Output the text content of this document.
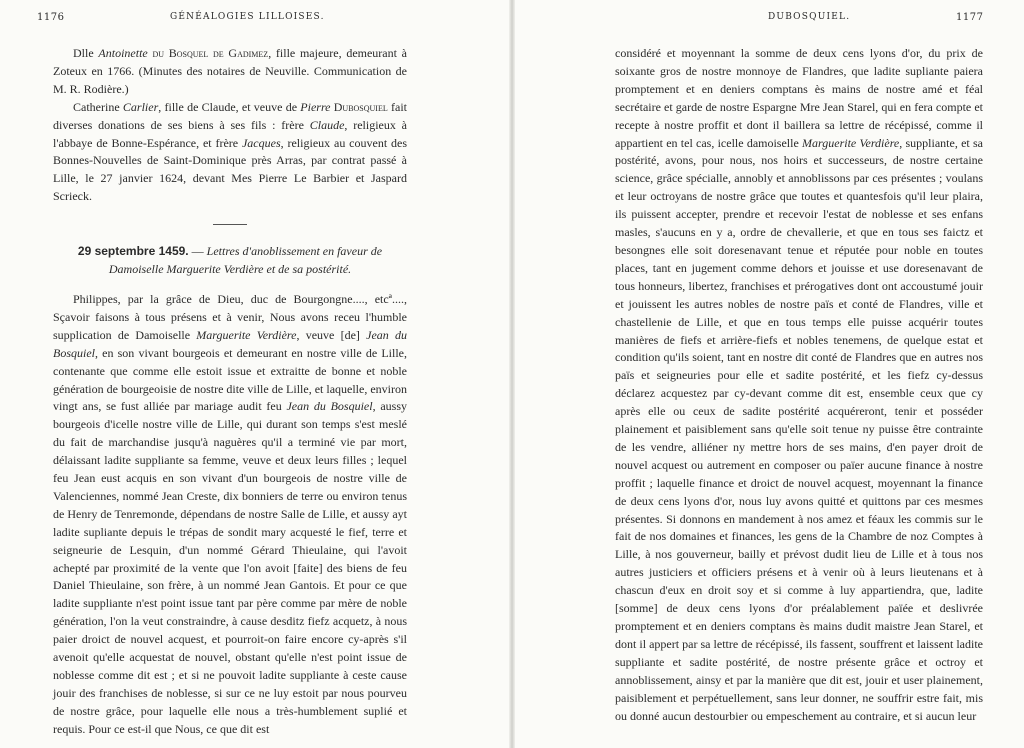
1176	GÉNÉALOGIES LILLOISES.

Dlle Antoinette du Bosquel de Gadimez, fille majeure, demeurant à Zoteux en 1766. (Minutes des notaires de Neuville. Communication de M. R. Rodière.)

Catherine Carlier, fille de Claude, et veuve de Pierre Dubosquiel fait diverses donations de ses biens à ses fils : frère Claude, religieux à l'abbaye de Bonne-Espérance, et frère Jacques, religieux au couvent des Bonnes-Nouvelles de Saint-Dominique près Arras, par contrat passé à Lille, le 27 janvier 1624, devant Mes Pierre Le Barbier et Jaspard Scrieck.

29 septembre 1459. — Lettres d'anoblissement en faveur de Damoiselle Marguerite Verdière et de sa postérité.

Philippes, par la grâce de Dieu, duc de Bourgongne...., etcª...., Sçavoir faisons à tous présens et à venir, Nous avons receu l'humble supplication de Damoiselle Marguerite Verdière, veuve [de] Jean du Bosquiel, en son vivant bourgeois et demeurant en nostre ville de Lille, contenante que comme elle estoit issue et extraitte de bonne et noble génération de bourgeoisie de nostre dite ville de Lille, et laquelle, environ vingt ans, se fust alliée par mariage audit feu Jean du Bosquiel, aussy bourgeois d'icelle nostre ville de Lille, qui durant son temps s'est meslé du fait de marchandise jusqu'à naguères qu'il a terminé vie par mort, délaissant ladite suppliante sa femme, veuve et deux leurs filles ; lequel feu Jean eust acquis en son vivant d'un bourgeois de nostre ville de Valenciennes, nommé Jean Creste, dix bonniers de terre ou environ tenus de Henry de Tenremonde, dépendans de nostre Salle de Lille, et aussy ayt ladite supliante depuis le trépas de sondit mary acquesté le fief, terre et seigneurie de Lesquin, d'un nommé Gérard Thieulaine, qui l'avoit achepté par proximité de la vente que l'on avoit [faite] des biens de feu Daniel Thieulaine, son frère, à un nommé Jean Gantois. Et pour ce que ladite suppliante n'est point issue tant par père comme par mère de noble génération, l'on la veut constraindre, à cause desditz fiefz acquetz, à nous paier droict de nouvel acquest, et pourroit-on faire encore cy-après s'il avenoit qu'elle acquestat de nouvel, obstant qu'elle n'est point issue de noblesse comme dit est ; et si ne pouvoit ladite suppliante à ceste cause jouir des franchises de noblesse, si sur ce ne luy estoit par nous pourveu de nostre grâce, pour laquelle elle nous a très-humblement suplié et requis. Pour ce est-il que Nous, ce que dit est

DUBOSQUIEL.	1177

considéré et moyennant la somme de deux cens lyons d'or, du prix de soixante gros de nostre monnoye de Flandres, que ladite supliante paiera promptement et en deniers comptans ès mains de nostre amé et féal secrétaire et garde de nostre Espargne Mre Jean Starel, qui en fera compte et recepte à nostre proffit et dont il baillera sa lettre de récépissé, comme il appartient en tel cas, icelle damoiselle Marguerite Verdière, suppliante, et sa postérité, avons, pour nous, nos hoirs et successeurs, de nostre certaine science, grâce spécialle, annobly et annoblissons par ces présentes ; voulans et leur octroyans de nostre grâce que toutes et quantesfois qu'il leur plaira, ils puissent accepter, prendre et recevoir l'estat de noblesse et ses enfans masles, s'aucuns en y a, ordre de chevallerie, et que en tous ses faictz et besongnes elle soit doresenavant tenue et réputée pour noble en toutes places, tant en jugement comme dehors et jouisse et use doresenavant de tous honneurs, libertez, franchises et prérogatives dont ont accoustumé jouir et jouissent les autres nobles de nostre païs et conté de Flandres, ville et chastellenie de Lille, et que en tous temps elle puisse acquérir toutes manières de fiefs et arrière-fiefs et nobles tenemens, de quelque estat et condition qu'ils soient, tant en nostre dit conté de Flandres que en autres nos païs et seigneuries pour elle et sadite postérité, et les fiefz cy-dessus déclarez acquestez par cy-devant comme dit est, ensemble ceux que cy après elle ou ceux de sadite postérité acquéreront, tenir et posséder plainement et paisiblement sans qu'elle soit tenue ny puisse être contrainte de les vendre, alliéner ny mettre hors de ses mains, d'en payer droit de nouvel acquest ou autrement en composer ou païer aucune finance à nostre proffit ; laquelle finance et droict de nouvel acquest, moyennant la finance de deux cens lyons d'or, nous luy avons quitté et quittons par ces mesmes présentes. Si donnons en mandement à nos amez et féaux les commis sur le fait de nos domaines et finances, les gens de la Chambre de noz Comptes à Lille, à nos gouverneur, bailly et prévost dudit lieu de Lille et à tous nos autres justiciers et officiers présens et à venir où à leurs lieutenans et à chascun d'eux en droit soy et si comme à luy appartiendra, que, ladite [somme] de deux cens lyons d'or préalablement païée et deslivrée promptement et en deniers comptans ès mains dudit maistre Jean Starel, et dont il appert par sa lettre de récépissé, ils fassent, souffrent et laissent ladite suppliante et sadite postérité, de nostre présente grâce et octroy et annoblissement, ainsy et par la manière que dit est, jouir et user plainement, paisiblement et perpétuellement, sans leur donner, ne souffrir estre fait, mis ou donné aucun destourbier ou empeschement au contraire, et si aucun leur
